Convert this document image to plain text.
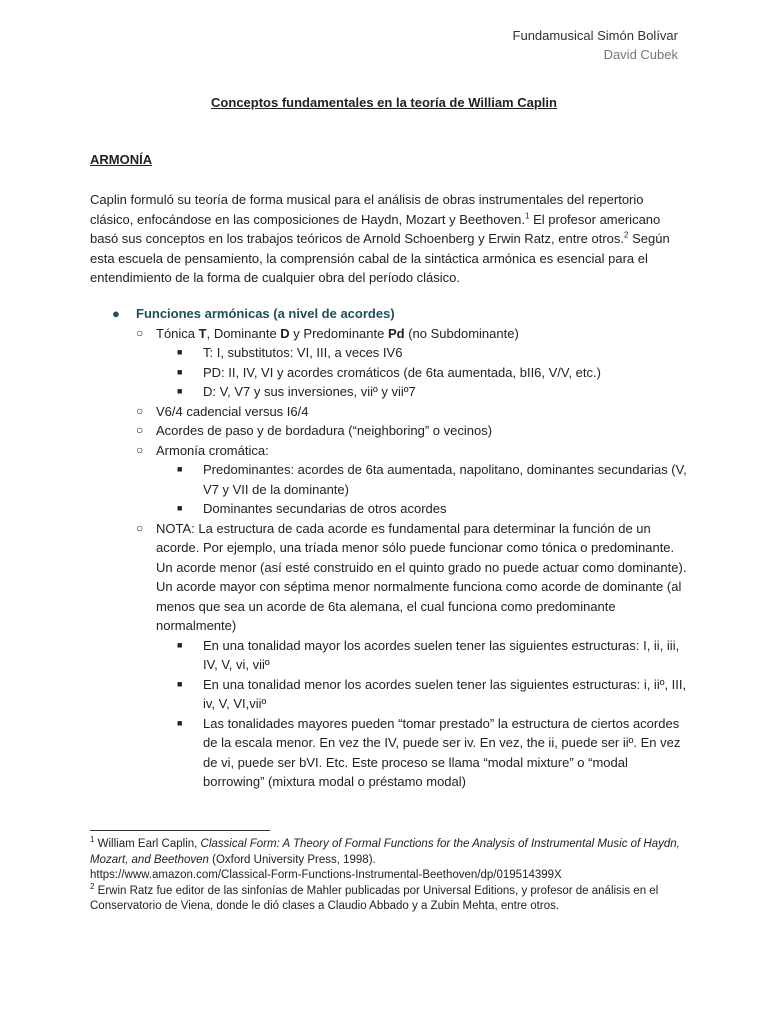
Fundamusical Simón Bolívar
David Cubek
Conceptos fundamentales en la teoría de William Caplin
ARMONÍA
Caplin formuló su teoría de forma musical para el análisis de obras instrumentales del repertorio clásico, enfocándose en las composiciones de Haydn, Mozart y Beethoven.$^1$ El profesor americano basó sus conceptos en los trabajos teóricos de Arnold Schoenberg y Erwin Ratz, entre otros.$^2$ Según esta escuela de pensamiento, la comprensión cabal de la sintáctica armónica es esencial para el entendimiento de la forma de cualquier obra del período clásico.
● Funciones armónicas (a nivel de acordes)
○ Tónica T, Dominante D y Predominante Pd (no Subdominante)
■ T: I, substitutos: VI, III, a veces IV6
■ PD: II, IV, VI y acordes cromáticos (de 6ta aumentada, bII6, V/V, etc.)
■ D: V, V7 y sus inversiones, viiº y viiº7
○ V6/4 cadencial versus I6/4
○ Acordes de paso y de bordadura (“neighboring” o vecinos)
○ Armonía cromática:
■ Predominantes: acordes de 6ta aumentada, napolitano, dominantes secundarias (V, V7 y VII de la dominante)
■ Dominantes secundarias de otros acordes
○ NOTA: La estructura de cada acorde es fundamental para determinar la función de un acorde. Por ejemplo, una tríada menor sólo puede funcionar como tónica o predominante. Un acorde menor (así esté construido en el quinto grado no puede actuar como dominante). Un acorde mayor con séptima menor normalmente funciona como acorde de dominante (al menos que sea un acorde de 6ta alemana, el cual funciona como predominante normalmente)
■ En una tonalidad mayor los acordes suelen tener las siguientes estructuras: I, ii, iii, IV, V, vi, viiº
■ En una tonalidad menor los acordes suelen tener las siguientes estructuras: i, iiº, III, iv, V, VI,viiº
■ Las tonalidades mayores pueden “tomar prestado” la estructura de ciertos acordes de la escala menor. En vez the IV, puede ser iv. En vez, the ii, puede ser iiº. En vez de vi, puede ser bVI. Etc. Este proceso se llama “modal mixture” o “modal borrowing” (mixtura modal o préstamo modal)

$^1$ William Earl Caplin, Classical Form: A Theory of Formal Functions for the Analysis of Instrumental Music of Haydn, Mozart, and Beethoven (Oxford University Press, 1998).
https://www.amazon.com/Classical-Form-Functions-Instrumental-Beethoven/dp/019514399X

$^2$ Erwin Ratz fue editor de las sinfonías de Mahler publicadas por Universal Editions, y profesor de análisis en el Conservatorio de Viena, donde le dió clases a Claudio Abbado y a Zubin Mehta, entre otros.
